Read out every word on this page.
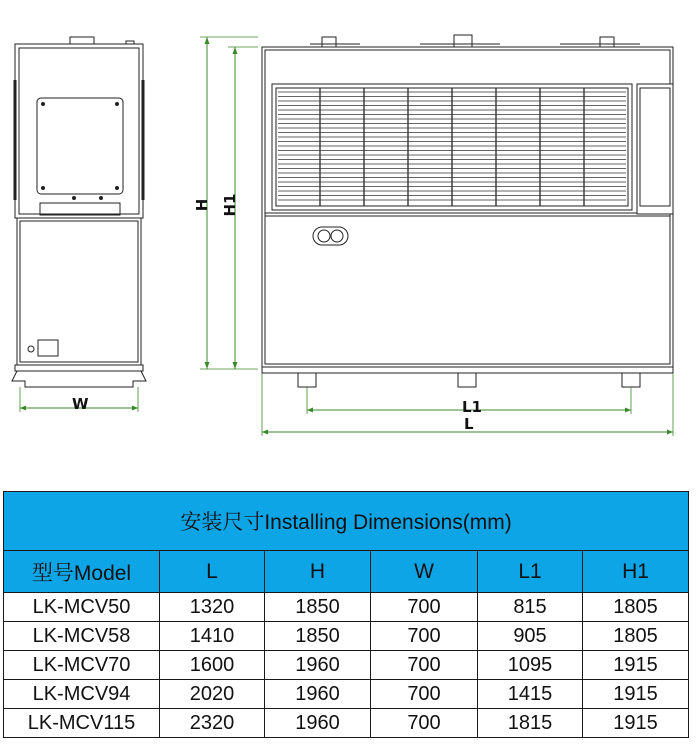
W
H H1
L1
L
安装尺寸Installing Dimensions(mm)					
型号Model	L	H	W	L1	H1
LK-MCV50	1320	1850	700	815	1805
LK-MCV58	1410	1850	700	905	1805
LK-MCV70	1600	1960	700	1095	1915
LK-MCV94	2020	1960	700	1415	1915
LK-MCV115	2320	1960	700	1815	1915
